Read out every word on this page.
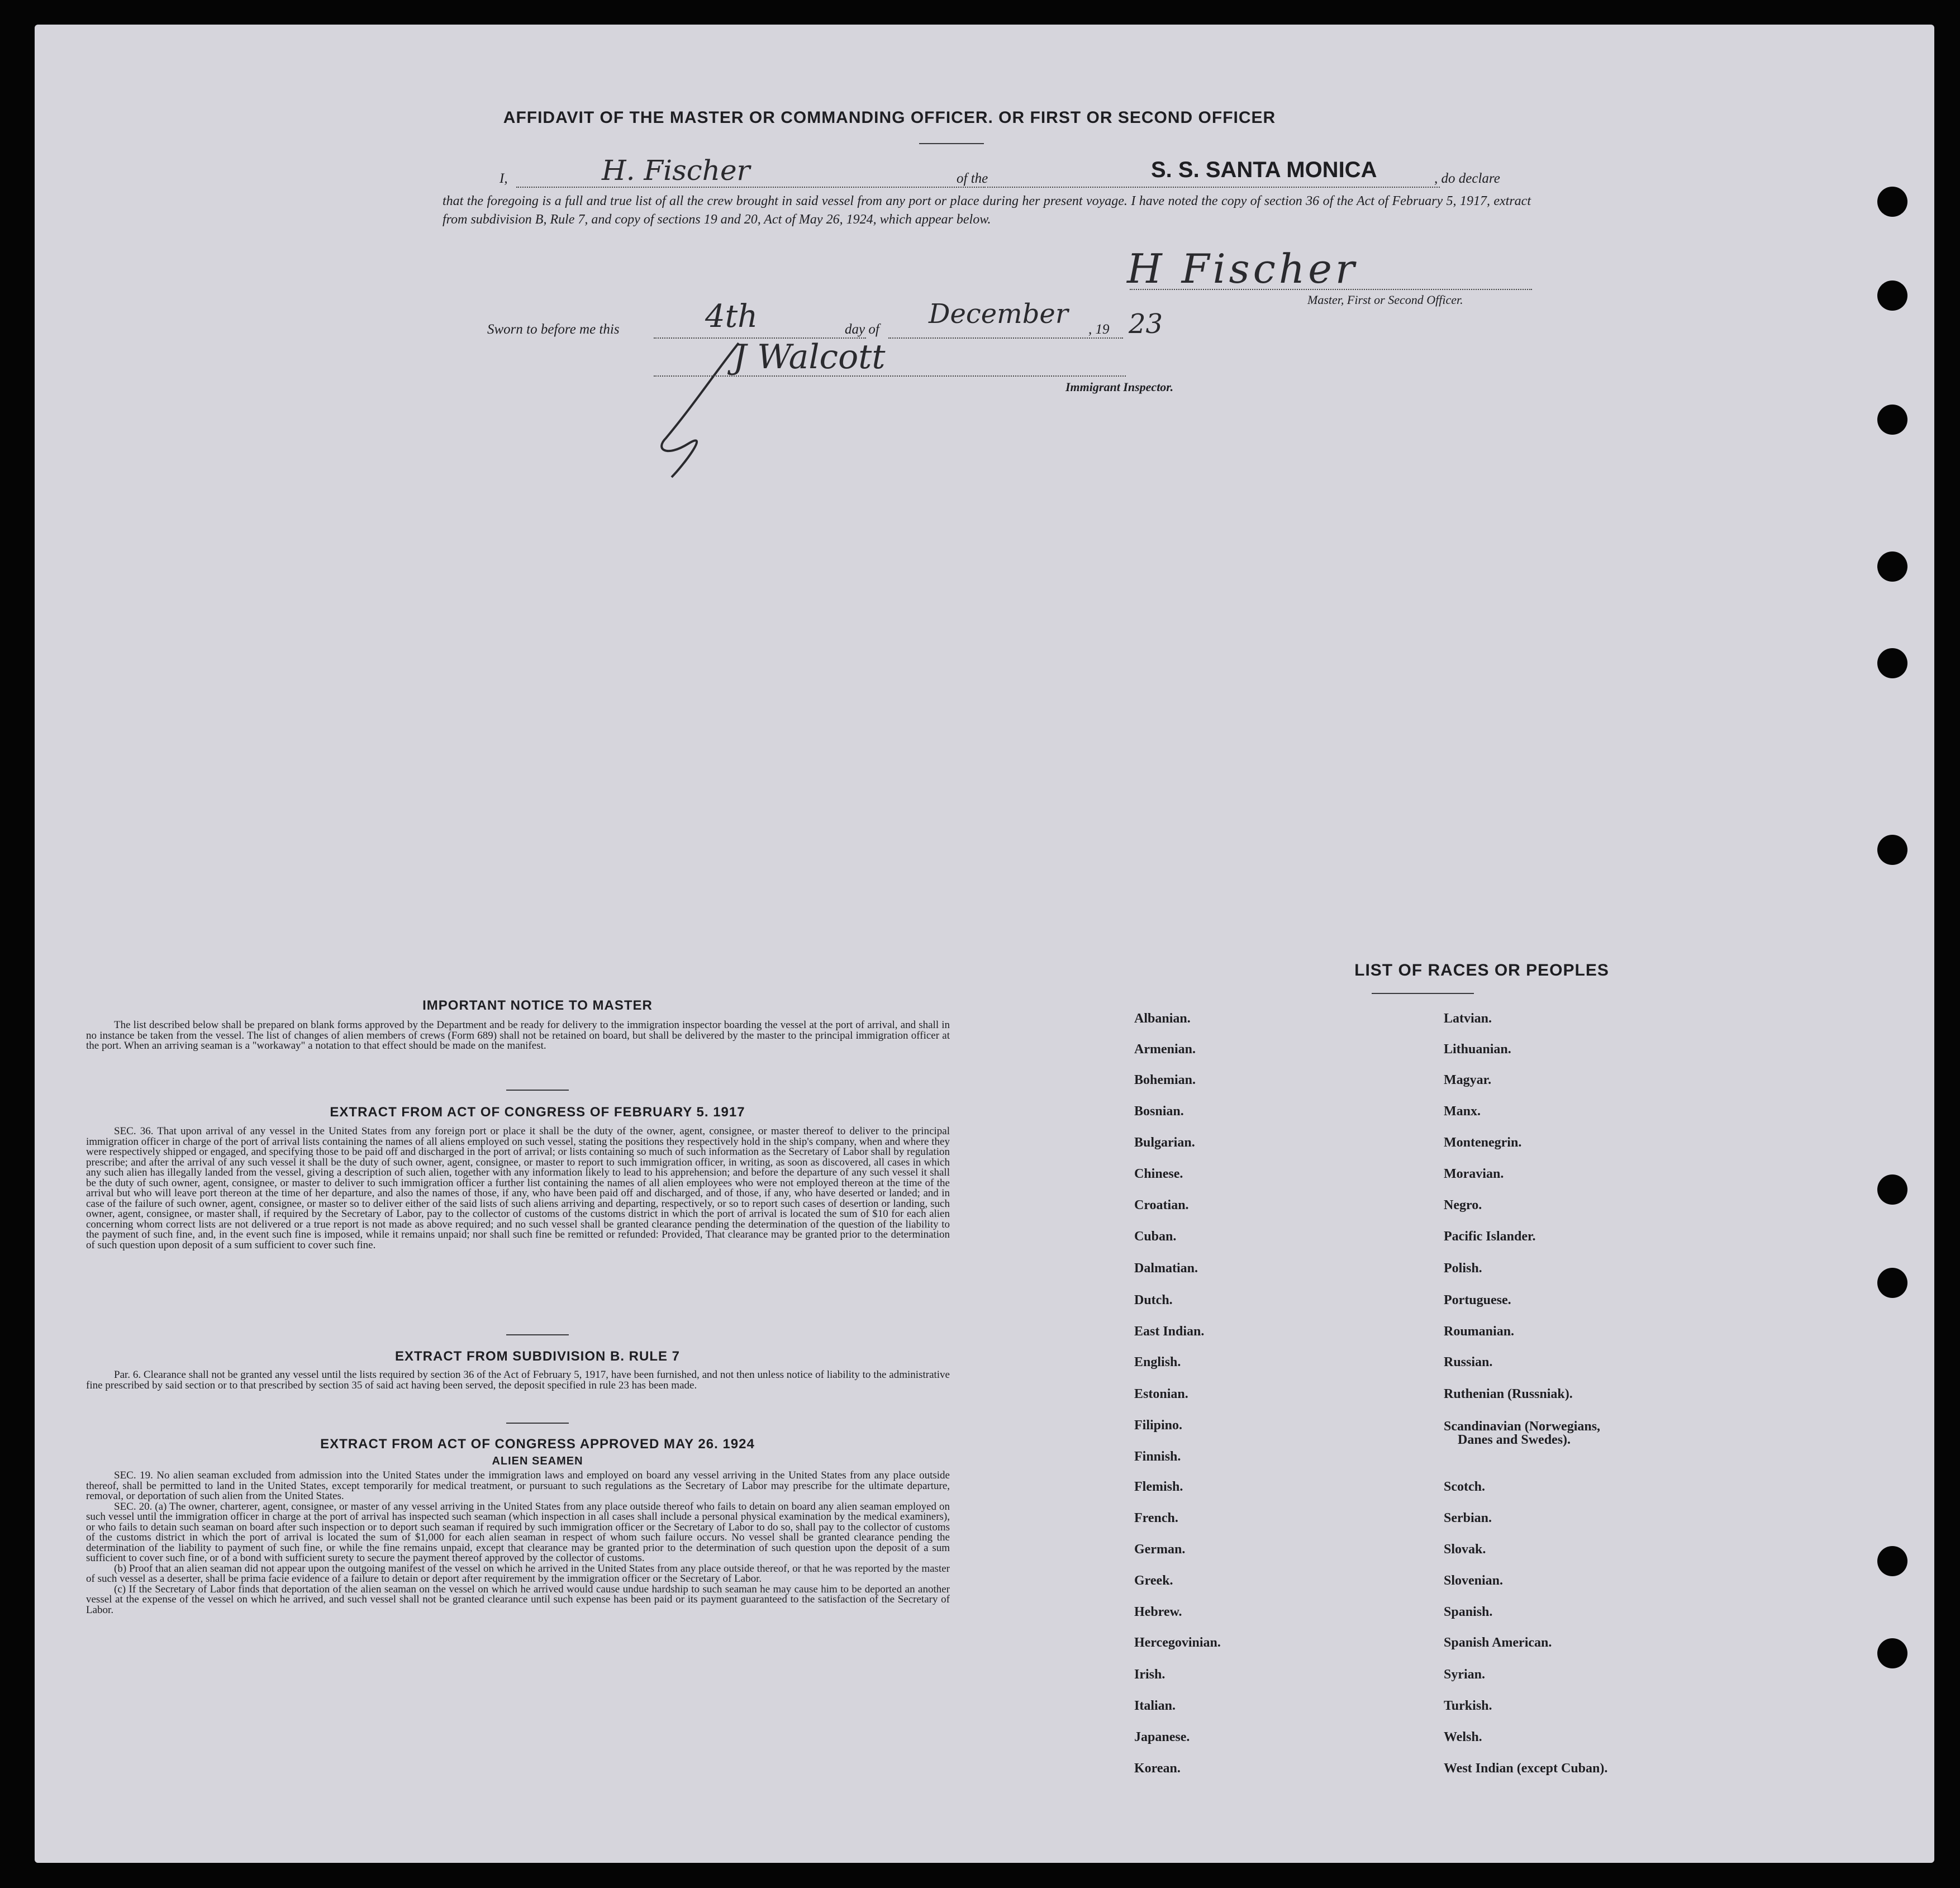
AFFIDAVIT OF THE MASTER OR COMMANDING OFFICER. OR FIRST OR SECOND OFFICER
I,	H. Fischer	of the	S. S. SANTA MONICA	, do declare
that the foregoing is a full and true list of all the crew brought in said vessel from any port or place during her present voyage. I have noted the copy of section 36 of the Act of February 5, 1917, extract from subdivision B, Rule 7, and copy of sections 19 and 20, Act of May 26, 1924, which appear below.
H Fischer
Master, First or Second Officer.
Sworn to before me this	4th	day of December , 19 23
J Walcott
Immigrant Inspector.
IMPORTANT NOTICE TO MASTER
The list described below shall be prepared on blank forms approved by the Department and be ready for delivery to the immigration inspector boarding the vessel at the port of arrival, and shall in no instance be taken from the vessel. The list of changes of alien members of crews (Form 689) shall not be retained on board, but shall be delivered by the master to the principal immigration officer at the port. When an arriving seaman is a "workaway" a notation to that effect should be made on the manifest.
EXTRACT FROM ACT OF CONGRESS OF FEBRUARY 5. 1917
SEC. 36. That upon arrival of any vessel in the United States from any foreign port or place it shall be the duty of the owner, agent, consignee, or master thereof to deliver to the principal immigration officer in charge of the port of arrival lists containing the names of all aliens employed on such vessel, stating the positions they respectively hold in the ship's company, when and where they were respectively shipped or engaged, and specifying those to be paid off and discharged in the port of arrival; or lists containing so much of such information as the Secretary of Labor shall by regulation prescribe; and after the arrival of any such vessel it shall be the duty of such owner, agent, consignee, or master to report to such immigration officer, in writing, as soon as discovered, all cases in which any such alien has illegally landed from the vessel, giving a description of such alien, together with any information likely to lead to his apprehension; and before the departure of any such vessel it shall be the duty of such owner, agent, consignee, or master to deliver to such immigration officer a further list containing the names of all alien employees who were not employed thereon at the time of the arrival but who will leave port thereon at the time of her departure, and also the names of those, if any, who have been paid off and discharged, and of those, if any, who have deserted or landed; and in case of the failure of such owner, agent, consignee, or master so to deliver either of the said lists of such aliens arriving and departing, respectively, or so to report such cases of desertion or landing, such owner, agent, consignee, or master shall, if required by the Secretary of Labor, pay to the collector of customs of the customs district in which the port of arrival is located the sum of $10 for each alien concerning whom correct lists are not delivered or a true report is not made as above required; and no such vessel shall be granted clearance pending the determination of the question of the liability to the payment of such fine, and, in the event such fine is imposed, while it remains unpaid; nor shall such fine be remitted or refunded: Provided, That clearance may be granted prior to the determination of such question upon deposit of a sum sufficient to cover such fine.
EXTRACT FROM SUBDIVISION B. RULE 7
Par. 6. Clearance shall not be granted any vessel until the lists required by section 36 of the Act of February 5, 1917, have been furnished, and not then unless notice of liability to the administrative fine prescribed by said section or to that prescribed by section 35 of said act having been served, the deposit specified in rule 23 has been made.
EXTRACT FROM ACT OF CONGRESS APPROVED MAY 26. 1924
ALIEN SEAMEN
SEC. 19. No alien seaman excluded from admission into the United States under the immigration laws and employed on board any vessel arriving in the United States from any place outside thereof, shall be permitted to land in the United States, except temporarily for medical treatment, or pursuant to such regulations as the Secretary of Labor may prescribe for the ultimate departure, removal, or deportation of such alien from the United States.
SEC. 20. (a) The owner, charterer, agent, consignee, or master of any vessel arriving in the United States from any place outside thereof who fails to detain on board any alien seaman employed on such vessel until the immigration officer in charge at the port of arrival has inspected such seaman (which inspection in all cases shall include a personal physical examination by the medical examiners), or who fails to detain such seaman on board after such inspection or to deport such seaman if required by such immigration officer or the Secretary of Labor to do so, shall pay to the collector of customs of the customs district in which the port of arrival is located the sum of $1,000 for each alien seaman in respect of whom such failure occurs. No vessel shall be granted clearance pending the determination of the liability to payment of such fine, or while the fine remains unpaid, except that clearance may be granted prior to the determination of such question upon the deposit of a sum sufficient to cover such fine, or of a bond with sufficient surety to secure the payment thereof approved by the collector of customs.
(b) Proof that an alien seaman did not appear upon the outgoing manifest of the vessel on which he arrived in the United States from any place outside thereof, or that he was reported by the master of such vessel as a deserter, shall be prima facie evidence of a failure to detain or deport after requirement by the immigration officer or the Secretary of Labor.
(c) If the Secretary of Labor finds that deportation of the alien seaman on the vessel on which he arrived would cause undue hardship to such seaman he may cause him to be deported an another vessel at the expense of the vessel on which he arrived, and such vessel shall not be granted clearance until such expense has been paid or its payment guaranteed to the satisfaction of the Secretary of Labor.
LIST OF RACES OR PEOPLES
Albanian.
Armenian.
Bohemian.
Bosnian.
Bulgarian.
Chinese.
Croatian.
Cuban.
Dalmatian.
Dutch.
East Indian.
English.
Estonian.
Filipino.
Finnish.
Flemish.
French.
German.
Greek.
Hebrew.
Hercegovinian.
Irish.
Italian.
Japanese.
Korean.
Latvian.
Lithuanian.
Magyar.
Manx.
Montenegrin.
Moravian.
Negro.
Pacific Islander.
Polish.
Portuguese.
Roumanian.
Russian.
Ruthenian (Russniak).
Scandinavian (Norwegians,
Danes and Swedes).
Scotch.
Serbian.
Slovak.
Slovenian.
Spanish.
Spanish American.
Syrian.
Turkish.
Welsh.
West Indian (except Cuban).
